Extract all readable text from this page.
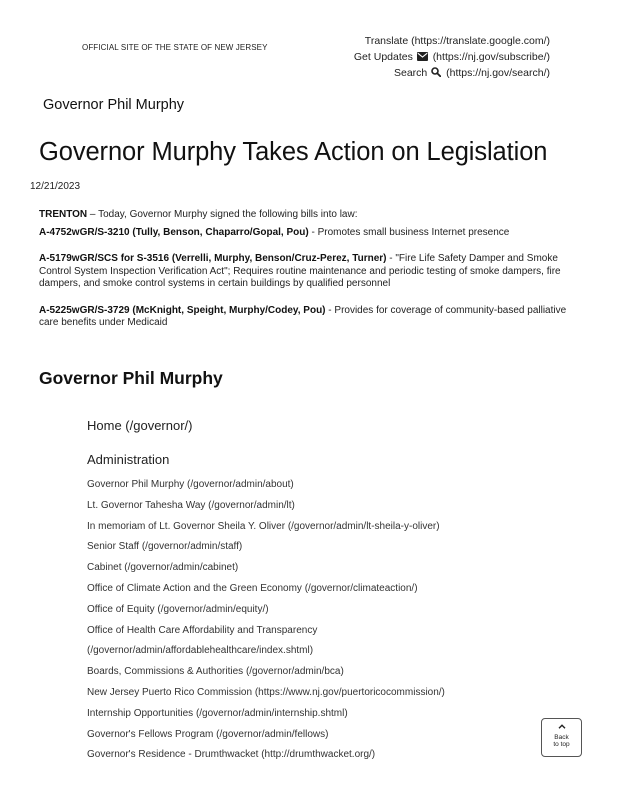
OFFICIAL SITE OF THE STATE OF NEW JERSEY
Translate (https://translate.google.com/)
Get Updates (https://nj.gov/subscribe/)
Search (https://nj.gov/search/)
Governor Phil Murphy
Governor Murphy Takes Action on Legislation
12/21/2023

TRENTON – Today, Governor Murphy signed the following bills into law:

A-4752wGR/S-3210 (Tully, Benson, Chaparro/Gopal, Pou) - Promotes small business Internet presence

A-5179wGR/SCS for S-3516 (Verrelli, Murphy, Benson/Cruz-Perez, Turner) - "Fire Life Safety Damper and Smoke Control System Inspection Verification Act"; Requires routine maintenance and periodic testing of smoke dampers, fire dampers, and smoke control systems in certain buildings by qualified personnel

A-5225wGR/S-3729 (McKnight, Speight, Murphy/Codey, Pou) - Provides for coverage of community-based palliative care benefits under Medicaid

Governor Phil Murphy
Home (/governor/)
Administration
Governor Phil Murphy (/governor/admin/about)
Lt. Governor Tahesha Way (/governor/admin/lt)
In memoriam of Lt. Governor Sheila Y. Oliver (/governor/admin/lt-sheila-y-oliver)
Senior Staff (/governor/admin/staff)
Cabinet (/governor/admin/cabinet)
Office of Climate Action and the Green Economy (/governor/climateaction/)
Office of Equity (/governor/admin/equity/)
Office of Health Care Affordability and Transparency
(/governor/admin/affordablehealthcare/index.shtml)
Boards, Commissions & Authorities (/governor/admin/bca)
New Jersey Puerto Rico Commission (https://www.nj.gov/puertoricocommission/)
Internship Opportunities (/governor/admin/internship.shtml)
Governor's Fellows Program (/governor/admin/fellows)
Governor's Residence - Drumthwacket (http://drumthwacket.org/)
Back
to top
